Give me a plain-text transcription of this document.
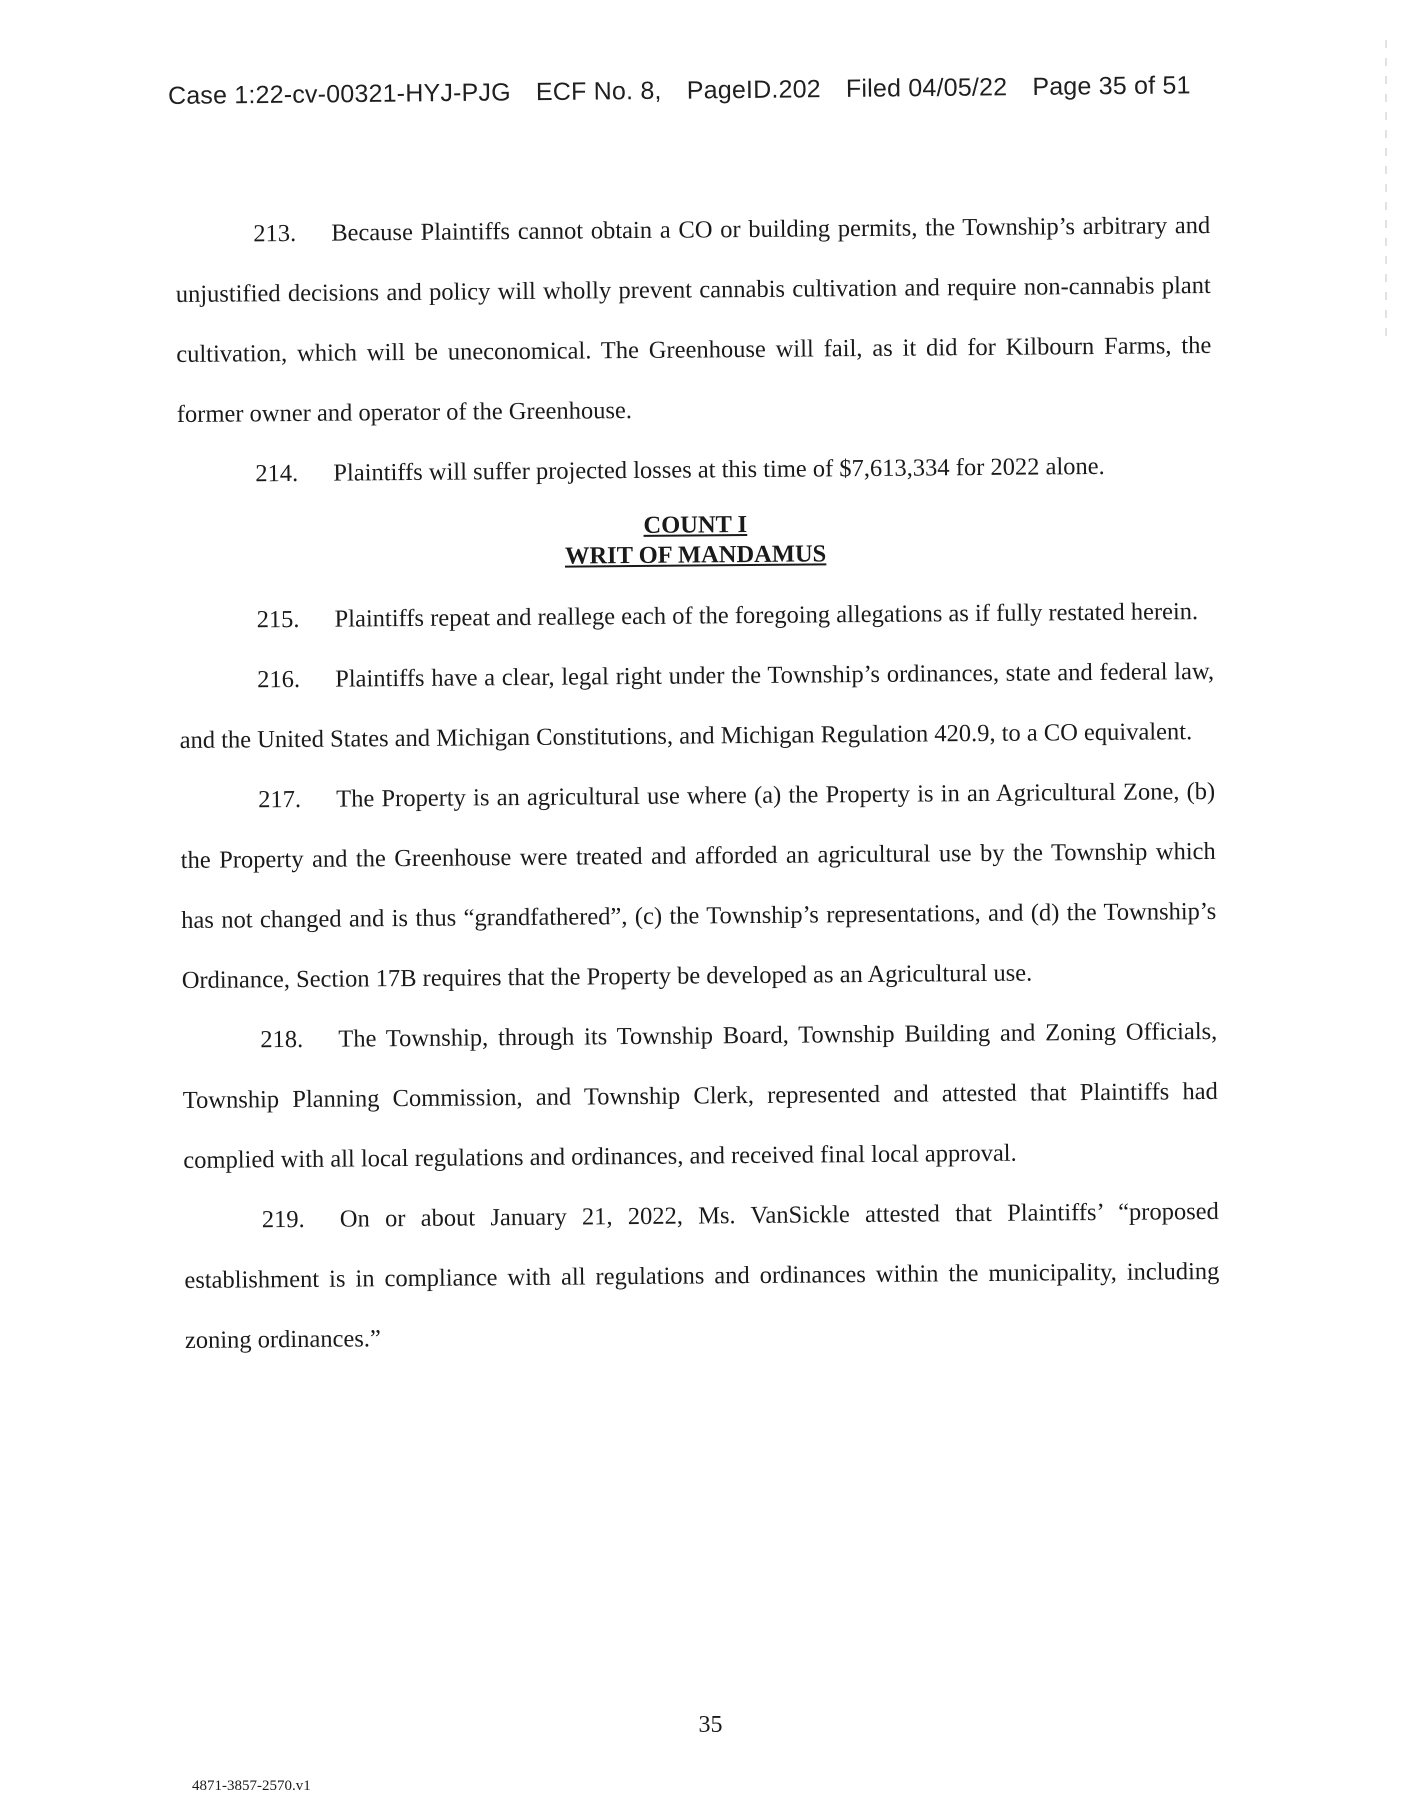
Case 1:22-cv-00321-HYJ-PJG ECF No. 8, PageID.202 Filed 04/05/22 Page 35 of 51

213. Because Plaintiffs cannot obtain a CO or building permits, the Township’s arbitrary and unjustified decisions and policy will wholly prevent cannabis cultivation and require non-cannabis plant cultivation, which will be uneconomical. The Greenhouse will fail, as it did for Kilbourn Farms, the former owner and operator of the Greenhouse.

214. Plaintiffs will suffer projected losses at this time of $7,613,334 for 2022 alone.

COUNT I
WRIT OF MANDAMUS

215. Plaintiffs repeat and reallege each of the foregoing allegations as if fully restated herein.

216. Plaintiffs have a clear, legal right under the Township’s ordinances, state and federal law, and the United States and Michigan Constitutions, and Michigan Regulation 420.9, to a CO equivalent.

217. The Property is an agricultural use where (a) the Property is in an Agricultural Zone, (b) the Property and the Greenhouse were treated and afforded an agricultural use by the Township which has not changed and is thus “grandfathered”, (c) the Township’s representations, and (d) the Township’s Ordinance, Section 17B requires that the Property be developed as an Agricultural use.

218. The Township, through its Township Board, Township Building and Zoning Officials, Township Planning Commission, and Township Clerk, represented and attested that Plaintiffs had complied with all local regulations and ordinances, and received final local approval.

219. On or about January 21, 2022, Ms. VanSickle attested that Plaintiffs’ “proposed establishment is in compliance with all regulations and ordinances within the municipality, including zoning ordinances.”

35
4871-3857-2570.v1
